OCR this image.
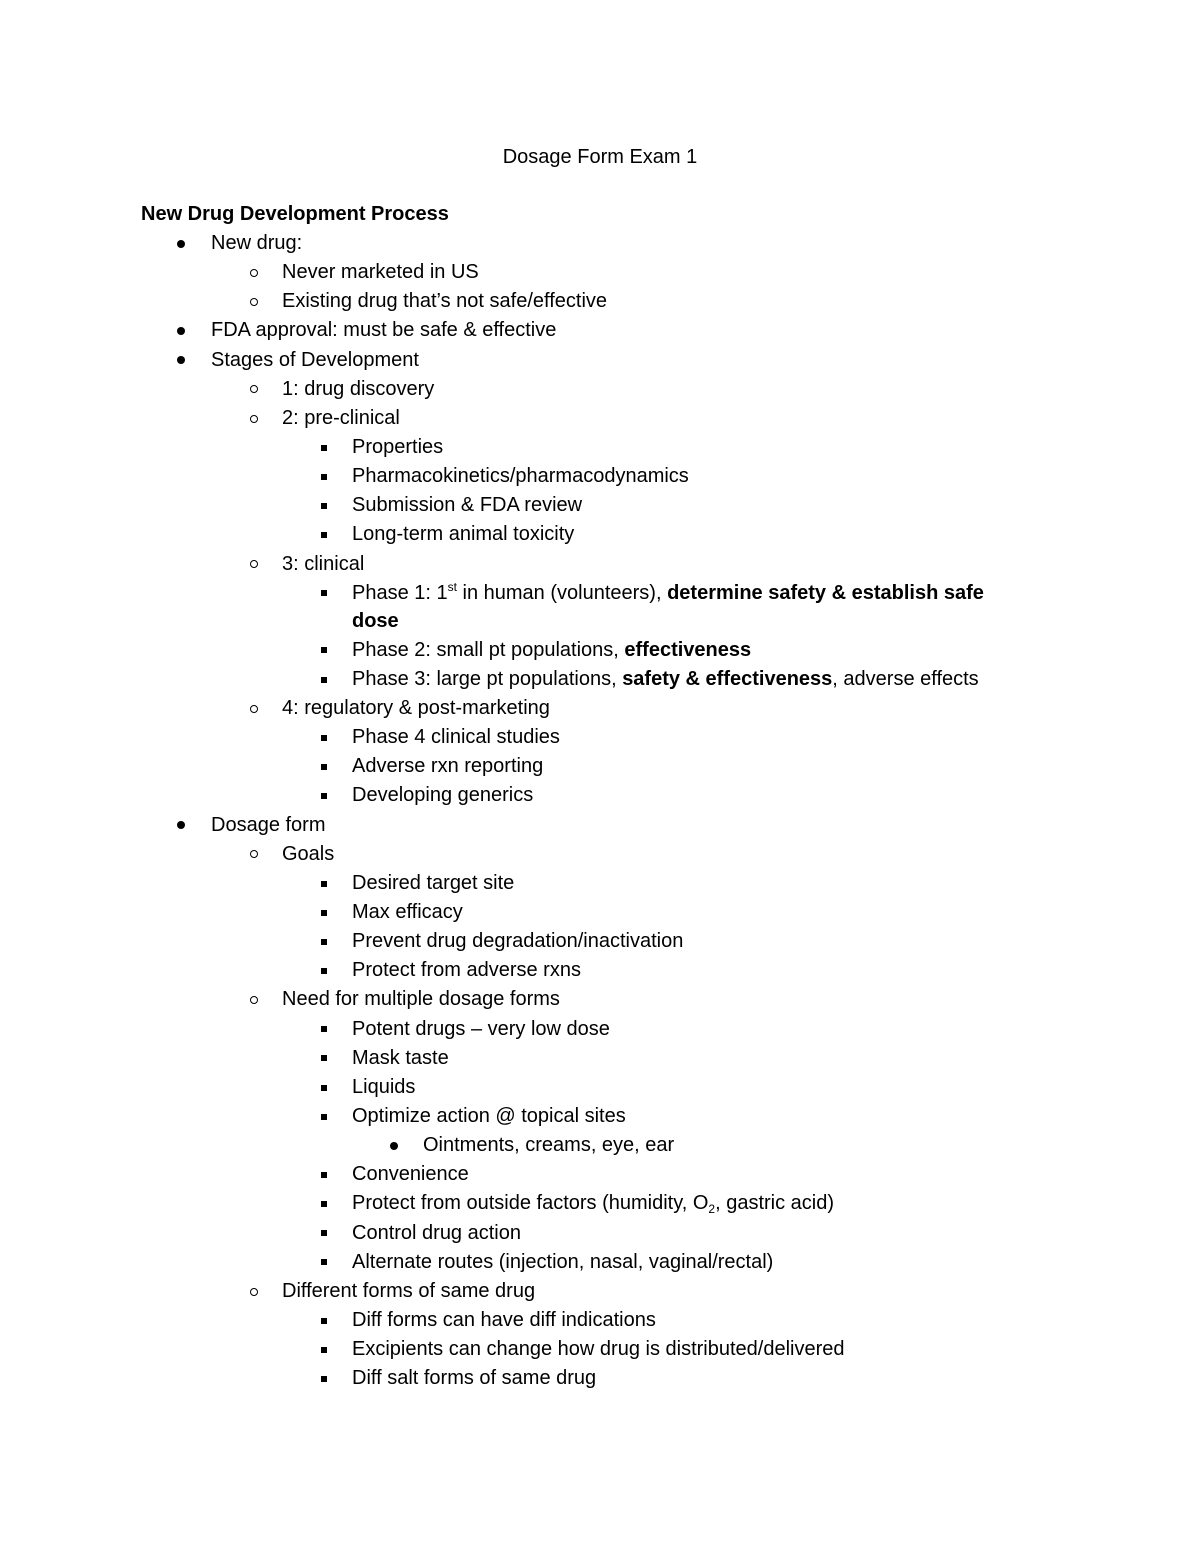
Dosage Form Exam 1
New Drug Development Process
New drug:
Never marketed in US
Existing drug that’s not safe/effective
FDA approval: must be safe & effective
Stages of Development
1: drug discovery
2: pre-clinical
Properties
Pharmacokinetics/pharmacodynamics
Submission & FDA review
Long-term animal toxicity
3: clinical
Phase 1: 1st in human (volunteers), determine safety & establish safe dose
Phase 2: small pt populations, effectiveness
Phase 3: large pt populations, safety & effectiveness, adverse effects
4: regulatory & post-marketing
Phase 4 clinical studies
Adverse rxn reporting
Developing generics
Dosage form
Goals
Desired target site
Max efficacy
Prevent drug degradation/inactivation
Protect from adverse rxns
Need for multiple dosage forms
Potent drugs – very low dose
Mask taste
Liquids
Optimize action @ topical sites
Ointments, creams, eye, ear
Convenience
Protect from outside factors (humidity, $O_2$, gastric acid)
Control drug action
Alternate routes (injection, nasal, vaginal/rectal)
Different forms of same drug
Diff forms can have diff indications
Excipients can change how drug is distributed/delivered
Diff salt forms of same drug
